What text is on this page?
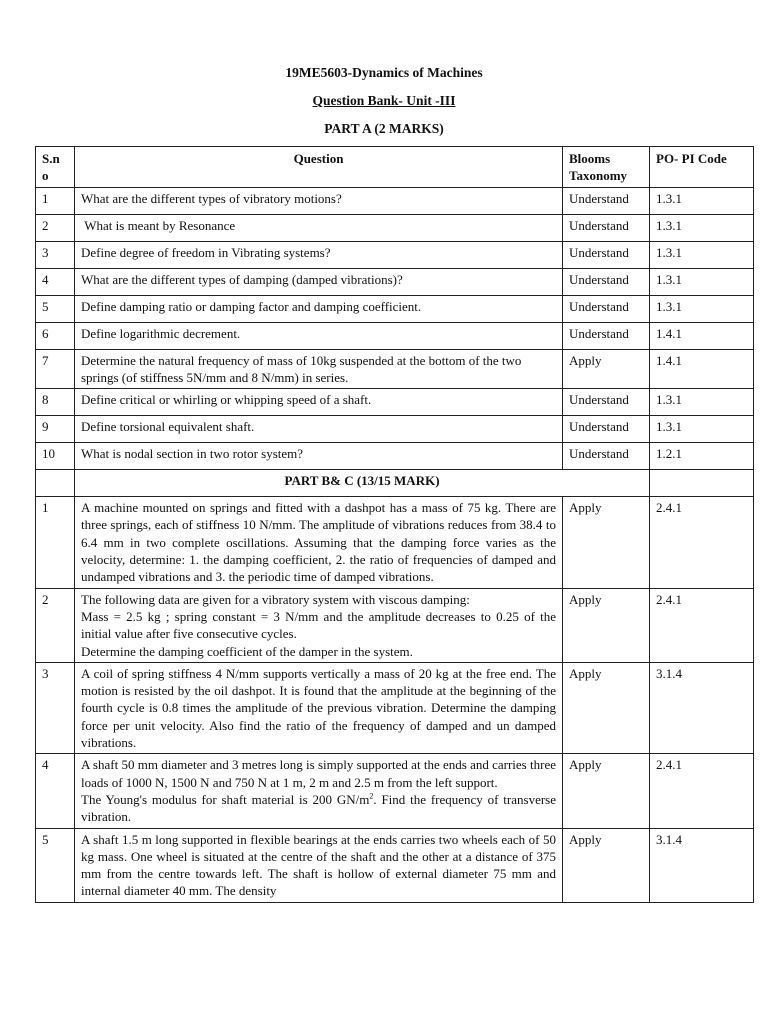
19ME5603-Dynamics of Machines
Question Bank- Unit -III
PART A (2 MARKS)
S.n o	Question	Blooms Taxonomy	PO- PI Code
1	What are the different types of vibratory motions?	Understand	1.3.1
2	What is meant by Resonance	Understand	1.3.1
3	Define degree of freedom in Vibrating systems?	Understand	1.3.1
4	What are the different types of damping (damped vibrations)?	Understand	1.3.1
5	Define damping ratio or damping factor and damping coefficient.	Understand	1.3.1
6	Define logarithmic decrement.	Understand	1.4.1
7	Determine the natural frequency of mass of 10kg suspended at the bottom of the two springs (of stiffness 5N/mm and 8 N/mm) in series.	Apply	1.4.1
8	Define critical or whirling or whipping speed of a shaft.	Understand	1.3.1
9	Define torsional equivalent shaft.	Understand	1.3.1
10	What is nodal section in two rotor system?	Understand	1.2.1
	PART B& C (13/15 MARK)		
1	A machine mounted on springs and fitted with a dashpot has a mass of 75 kg. There are three springs, each of stiffness 10 N/mm. The amplitude of vibrations reduces from 38.4 to 6.4 mm in two complete oscillations. Assuming that the damping force varies as the velocity, determine: 1. the damping coefficient, 2. the ratio of frequencies of damped and undamped vibrations and 3. the periodic time of damped vibrations.	Apply	2.4.1
2	The following data are given for a vibratory system with viscous damping:
Mass = 2.5 kg ; spring constant = 3 N/mm and the amplitude decreases to 0.25 of the initial value after five consecutive cycles.
Determine the damping coefficient of the damper in the system.	Apply	2.4.1
3	A coil of spring stiffness 4 N/mm supports vertically a mass of 20 kg at the free end. The motion is resisted by the oil dashpot. It is found that the amplitude at the beginning of the fourth cycle is 0.8 times the amplitude of the previous vibration. Determine the damping force per unit velocity. Also find the ratio of the frequency of damped and un damped vibrations.	Apply	3.1.4
4	A shaft 50 mm diameter and 3 metres long is simply supported at the ends and carries three loads of 1000 N, 1500 N and 750 N at 1 m, 2 m and 2.5 m from the left support.
The Young's modulus for shaft material is 200 $GN/m^2$. Find the frequency of transverse vibration.	Apply	2.4.1
5	A shaft 1.5 m long supported in flexible bearings at the ends carries two wheels each of 50 kg mass. One wheel is situated at the centre of the shaft and the other at a distance of 375 mm from the centre towards left. The shaft is hollow of external diameter 75 mm and internal diameter 40 mm. The density	Apply	3.1.4
